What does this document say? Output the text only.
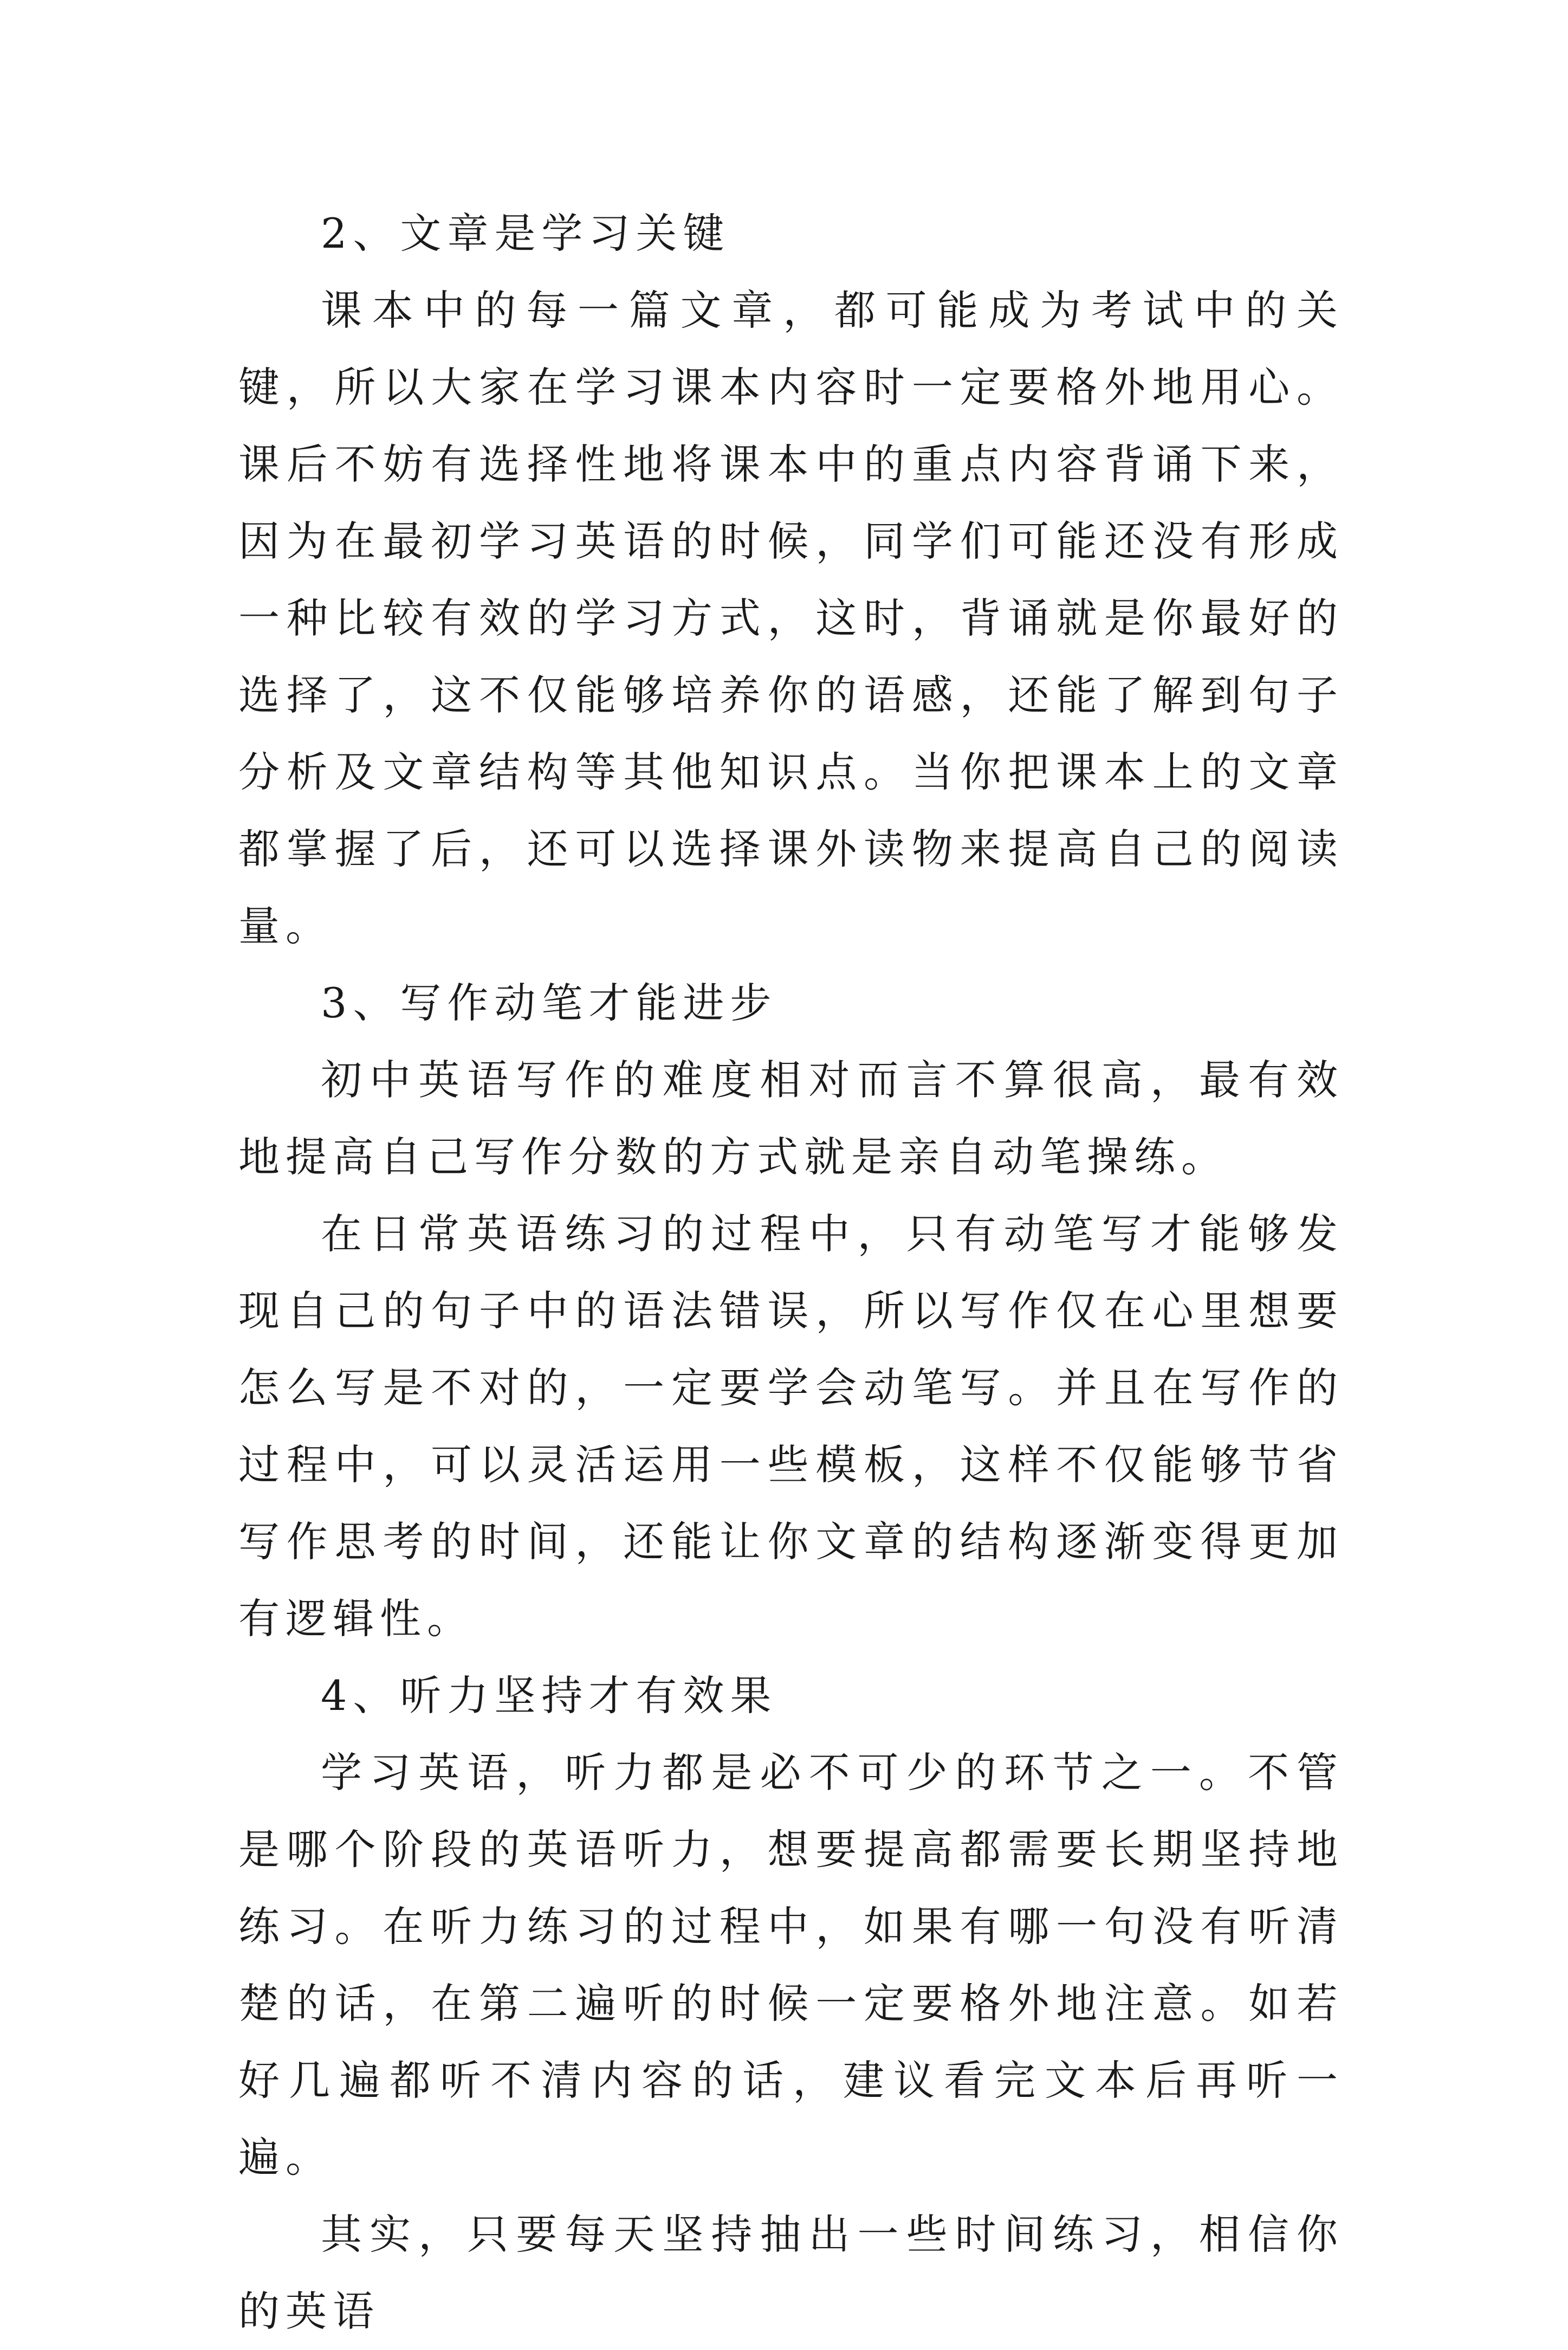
2、文章是学习关键

课本中的每一篇文章，都可能成为考试中的关键，所以大家在学习课本内容时一定要格外地用心。课后不妨有选择性地将课本中的重点内容背诵下来，因为在最初学习英语的时候，同学们可能还没有形成一种比较有效的学习方式，这时，背诵就是你最好的选择了，这不仅能够培养你的语感，还能了解到句子分析及文章结构等其他知识点。当你把课本上的文章都掌握了后，还可以选择课外读物来提高自己的阅读量。

3、写作动笔才能进步

初中英语写作的难度相对而言不算很高，最有效地提高自己写作分数的方式就是亲自动笔操练。

在日常英语练习的过程中，只有动笔写才能够发现自己的句子中的语法错误，所以写作仅在心里想要怎么写是不对的，一定要学会动笔写。并且在写作的过程中，可以灵活运用一些模板，这样不仅能够节省写作思考的时间，还能让你文章的结构逐渐变得更加有逻辑性。

4、听力坚持才有效果

学习英语，听力都是必不可少的环节之一。不管是哪个阶段的英语听力，想要提高都需要长期坚持地练习。在听力练习的过程中，如果有哪一句没有听清楚的话，在第二遍听的时候一定要格外地注意。如若好几遍都听不清内容的话，建议看完文本后再听一遍。

其实，只要每天坚持抽出一些时间练习，相信你的英语
